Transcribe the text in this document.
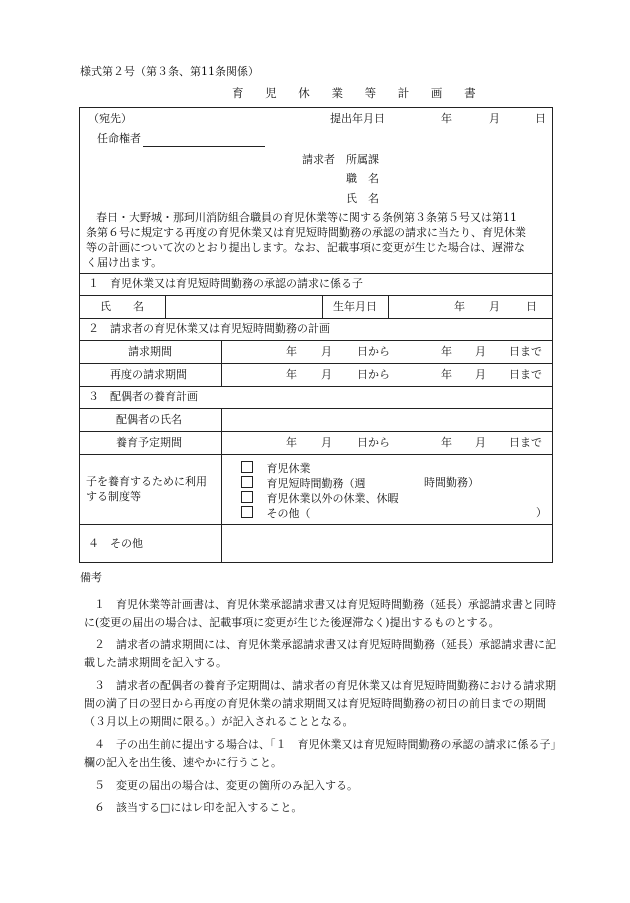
様式第２号（第３条、第11条関係）
育 児 休 業 等 計 画 書
（宛先）	提出年月日	年	月	日
任命権者
請求者 所属課
職　名
氏　名
春日・大野城・那珂川消防組合職員の育児休業等に関する条例第３条第５号又は第11
条第６号に規定する再度の育児休業又は育児短時間勤務の承認の請求に当たり、育児休業
等の計画について次のとおり提出します。なお、記載事項に変更が生じた場合は、遅滞な
く届け出ます。
１　育児休業又は育児短時間勤務の承認の請求に係る子
氏　　名	生年月日	年 月 日
２　請求者の育児休業又は育児短時間勤務の計画
請求期間	年 月 日から	年 月 日まで
再度の請求期間	年 月 日から	年 月 日まで
３　配偶者の養育計画
配偶者の氏名
養育予定期間	年 月 日から	年 月 日まで
子を養育するために利用
する制度等
育児休業
育児短時間勤務（週	時間勤務）
育児休業以外の休業、休暇
その他（	）
４　その他
備考
１ 育児休業等計画書は、育児休業承認請求書又は育児短時間勤務（延長）承認請求書と同時に(変更の届出の場合は、記載事項に変更が生じた後遅滞なく)提出するものとする。
２ 請求者の請求期間には、育児休業承認請求書又は育児短時間勤務（延長）承認請求書に記載した請求期間を記入する。
３ 請求者の配偶者の養育予定期間は、請求者の育児休業又は育児短時間勤務における請求期間の満了日の翌日から再度の育児休業の請求期間又は育児短時間勤務の初日の前日までの期間（３月以上の期間に限る。）が記入されることとなる。
４ 子の出生前に提出する場合は、「１　育児休業又は育児短時間勤務の承認の請求に係る子」欄の記入を出生後、速やかに行うこと。
５ 変更の届出の場合は、変更の箇所のみ記入する。
６ 該当する□にはレ印を記入すること。
